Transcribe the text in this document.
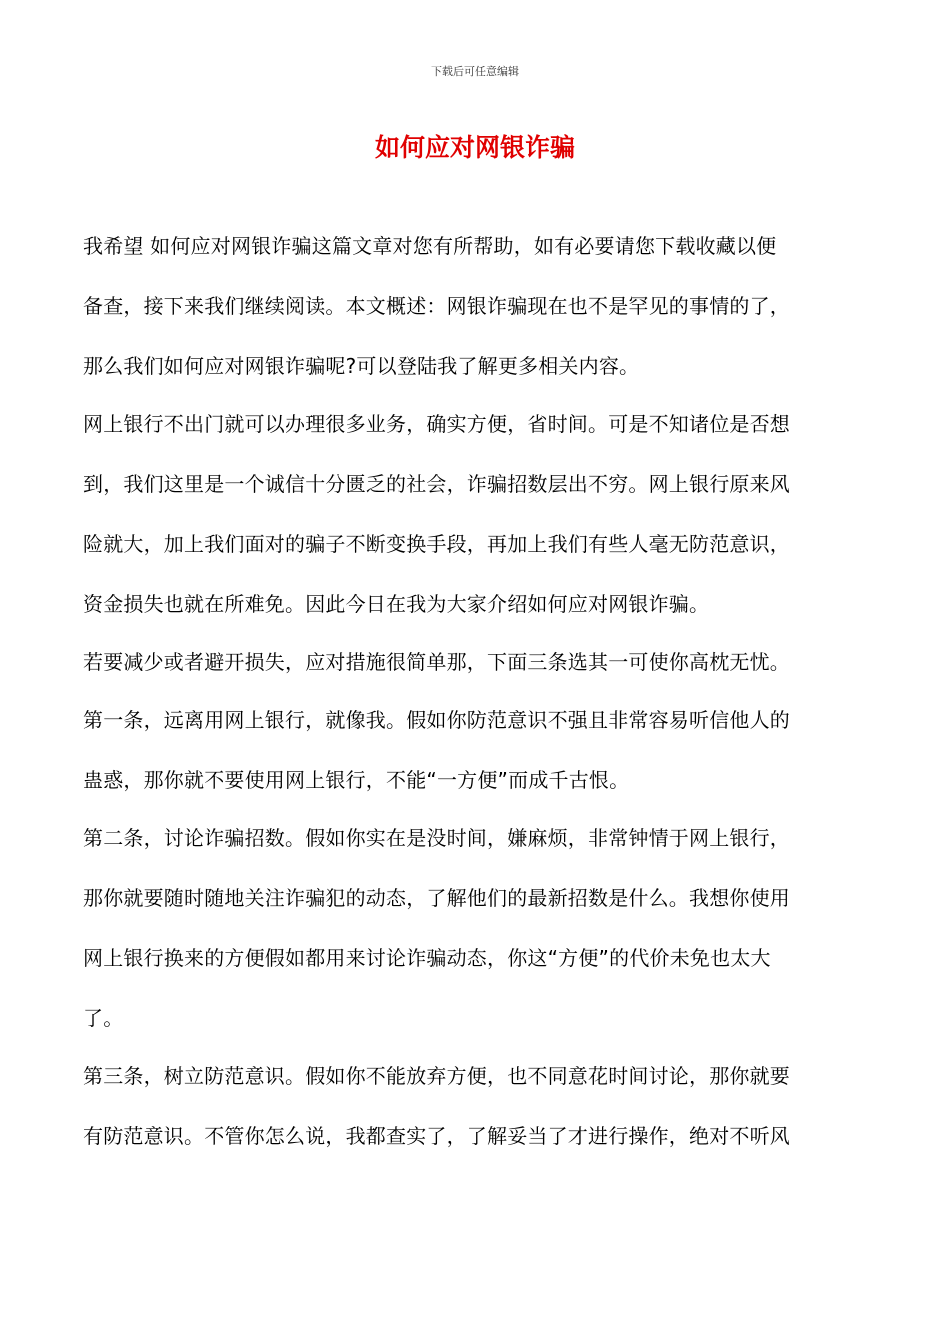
下载后可任意编辑
如何应对网银诈骗

我希望 如何应对网银诈骗这篇文章对您有所帮助，如有必要请您下载收藏以便

备查，接下来我们继续阅读。本文概述：网银诈骗现在也不是罕见的事情的了，

那么我们如何应对网银诈骗呢?可以登陆我了解更多相关内容。

网上银行不出门就可以办理很多业务，确实方便，省时间。可是不知诸位是否想

到，我们这里是一个诚信十分匮乏的社会，诈骗招数层出不穷。网上银行原来风

险就大，加上我们面对的骗子不断变换手段，再加上我们有些人毫无防范意识，

资金损失也就在所难免。因此今日在我为大家介绍如何应对网银诈骗。

若要减少或者避开损失，应对措施很简单那，下面三条选其一可使你高枕无忧。

第一条，远离用网上银行，就像我。假如你防范意识不强且非常容易听信他人的

蛊惑，那你就不要使用网上银行，不能“一方便”而成千古恨。

第二条，讨论诈骗招数。假如你实在是没时间，嫌麻烦，非常钟情于网上银行，

那你就要随时随地关注诈骗犯的动态，了解他们的最新招数是什么。我想你使用

网上银行换来的方便假如都用来讨论诈骗动态，你这“方便”的代价未免也太大

了。

第三条，树立防范意识。假如你不能放弃方便，也不同意花时间讨论，那你就要

有防范意识。不管你怎么说，我都查实了，了解妥当了才进行操作，绝对不听风
